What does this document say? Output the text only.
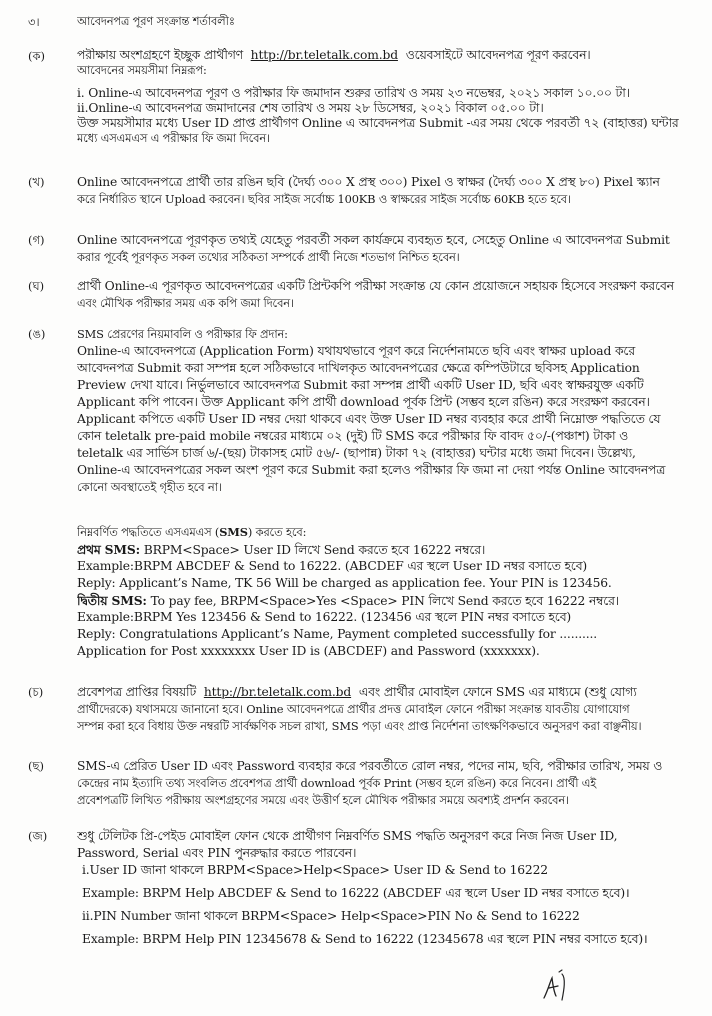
৩।	আবেদনপত্র পূরণ সংক্রান্ত শর্তাবলীঃ
(ক)	পরীক্ষায় অংশগ্রহণে ইচ্ছুক প্রার্থীগণ http://br.teletalk.com.bd ওয়েবসাইটে আবেদনপত্র পূরণ করবেন।
আবেদনের সময়সীমা নিম্নরূপ:
i. Online-এ আবেদনপত্র পূরণ ও পরীক্ষার ফি জমাদান শুরুর তারিখ ও সময় ২৩ নভেম্বর, ২০২১ সকাল ১০.০০ টা।
ii.Online-এ আবেদনপত্র জমাদানের শেষ তারিখ ও সময় ২৮ ডিসেম্বর, ২০২১ বিকাল ০৫.০০ টা।
উক্ত সময়সীমার মধ্যে User ID প্রাপ্ত প্রার্থীগণ Online এ আবেদনপত্র Submit -এর সময় থেকে পরবর্তী ৭২ (বাহাত্তর) ঘন্টার
মধ্যে এসএমএস এ পরীক্ষার ফি জমা দিবেন।
(খ)	Online আবেদনপত্রে প্রার্থী তার রঙিন ছবি (দৈর্ঘ্য ৩০০ X প্রস্থ ৩০০) Pixel ও স্বাক্ষর (দৈর্ঘ্য ৩০০ X প্রস্থ ৮০) Pixel স্ক্যান
করে নির্ধারিত স্থানে Upload করবেন। ছবির সাইজ সর্বোচ্চ 100KB ও স্বাক্ষরের সাইজ সর্বোচ্চ 60KB হতে হবে।
(গ)	Online আবেদনপত্রে পূরণকৃত তথ্যই যেহেতু পরবর্তী সকল কার্যক্রমে ব্যবহৃত হবে, সেহেতু Online এ আবেদনপত্র Submit
করার পূর্বেই পূরণকৃত সকল তথ্যের সঠিকতা সম্পর্কে প্রার্থী নিজে শতভাগ নিশ্চিত হবেন।
(ঘ)	প্রার্থী Online-এ পূরণকৃত আবেদনপত্রের একটি প্রিন্টকপি পরীক্ষা সংক্রান্ত যে কোন প্রয়োজনে সহায়ক হিসেবে সংরক্ষণ করবেন
এবং মৌখিক পরীক্ষার সময় এক কপি জমা দিবেন।
(ঙ)	SMS প্রেরণের নিয়মাবলি ও পরীক্ষার ফি প্রদান:
Online-এ আবেদনপত্রে (Application Form) যথাযথভাবে পূরণ করে নির্দেশনামতে ছবি এবং স্বাক্ষর upload করে
আবেদনপত্র Submit করা সম্পন্ন হলে সঠিকভাবে দাখিলকৃত আবেদনপত্রের ক্ষেত্রে কম্পিউটারে ছবিসহ Application
Preview দেখা যাবে। নির্ভুলভাবে আবেদনপত্র Submit করা সম্পন্ন প্রার্থী একটি User ID, ছবি এবং স্বাক্ষরযুক্ত একটি
Applicant কপি পাবেন। উক্ত Applicant কপি প্রার্থী download পূর্বক প্রিন্ট (সম্ভব হলে রঙিন) করে সংরক্ষণ করবেন।
Applicant কপিতে একটি User ID নম্বর দেয়া থাকবে এবং উক্ত User ID নম্বর ব্যবহার করে প্রার্থী নিম্নোক্ত পদ্ধতিতে যে
কোন teletalk pre-paid mobile নম্বরের মাধ্যমে ০২ (দুই) টি SMS করে পরীক্ষার ফি বাবদ ৫০/-(পঞ্চাশ) টাকা ও
teletalk এর সার্ভিস চার্জ ৬/-(ছয়) টাকাসহ মোট ৫৬/- (ছাপান্ন) টাকা ৭২ (বাহাত্তর) ঘন্টার মধ্যে জমা দিবেন। উল্লেখ্য,
Online-এ আবেদনপত্রের সকল অংশ পূরণ করে Submit করা হলেও পরীক্ষার ফি জমা না দেয়া পর্যন্ত Online আবেদনপত্র
কোনো অবস্থাতেই গৃহীত হবে না।
নিম্নবর্ণিত পদ্ধতিতে এসএমএস (SMS) করতে হবে:
প্রথম SMS: BRPM<Space> User ID লিখে Send করতে হবে 16222 নম্বরে।
Example:BRPM ABCDEF & Send to 16222. (ABCDEF এর স্থলে User ID নম্বর বসাতে হবে)
Reply: Applicant’s Name, TK 56 Will be charged as application fee. Your PIN is 123456.
দ্বিতীয় SMS: To pay fee, BRPM<Space>Yes <Space> PIN লিখে Send করতে হবে 16222 নম্বরে।
Example:BRPM Yes 123456 & Send to 16222. (123456 এর স্থলে PIN নম্বর বসাতে হবে)
Reply: Congratulations Applicant’s Name, Payment completed successfully for ..........
Application for Post xxxxxxxx User ID is (ABCDEF) and Password (xxxxxxx).
(চ)	প্রবেশপত্র প্রাপ্তির বিষয়টি http://br.teletalk.com.bd এবং প্রার্থীর মোবাইল ফোনে SMS এর মাধ্যমে (শুধু যোগ্য
প্রার্থীদেরকে) যথাসময়ে জানানো হবে। Online আবেদনপত্রে প্রার্থীর প্রদত্ত মোবাইল ফোনে পরীক্ষা সংক্রান্ত যাবতীয় যোগাযোগ
সম্পন্ন করা হবে বিধায় উক্ত নম্বরটি সার্বক্ষণিক সচল রাখা, SMS পড়া এবং প্রাপ্ত নির্দেশনা তাৎক্ষণিকভাবে অনুসরণ করা বাঞ্ছনীয়।
(ছ)	SMS-এ প্রেরিত User ID এবং Password ব্যবহার করে পরবর্তীতে রোল নম্বর, পদের নাম, ছবি, পরীক্ষার তারিখ, সময় ও
কেন্দ্রের নাম ইত্যাদি তথ্য সংবলিত প্রবেশপত্র প্রার্থী download পূর্বক Print (সম্ভব হলে রঙিন) করে নিবেন। প্রার্থী এই
প্রবেশপত্রটি লিখিত পরীক্ষায় অংশগ্রহণের সময়ে এবং উত্তীর্ণ হলে মৌখিক পরীক্ষার সময়ে অবশ্যই প্রদর্শন করবেন।
(জ) শুধু টেলিটক প্রি-পেইড মোবাইল ফোন থেকে প্রার্থীগণ নিম্নবর্ণিত SMS পদ্ধতি অনুসরণ করে নিজ নিজ User ID,
Password, Serial এবং PIN পুনরুদ্ধার করতে পারবেন।
i.User ID জানা থাকলে BRPM<Space>Help<Space> User ID & Send to 16222
Example: BRPM Help ABCDEF & Send to 16222 (ABCDEF এর স্থলে User ID নম্বর বসাতে হবে)।
ii.PIN Number জানা থাকলে BRPM<Space> Help<Space>PIN No & Send to 16222
Example: BRPM Help PIN 12345678 & Send to 16222 (12345678 এর স্থলে PIN নম্বর বসাতে হবে)।
